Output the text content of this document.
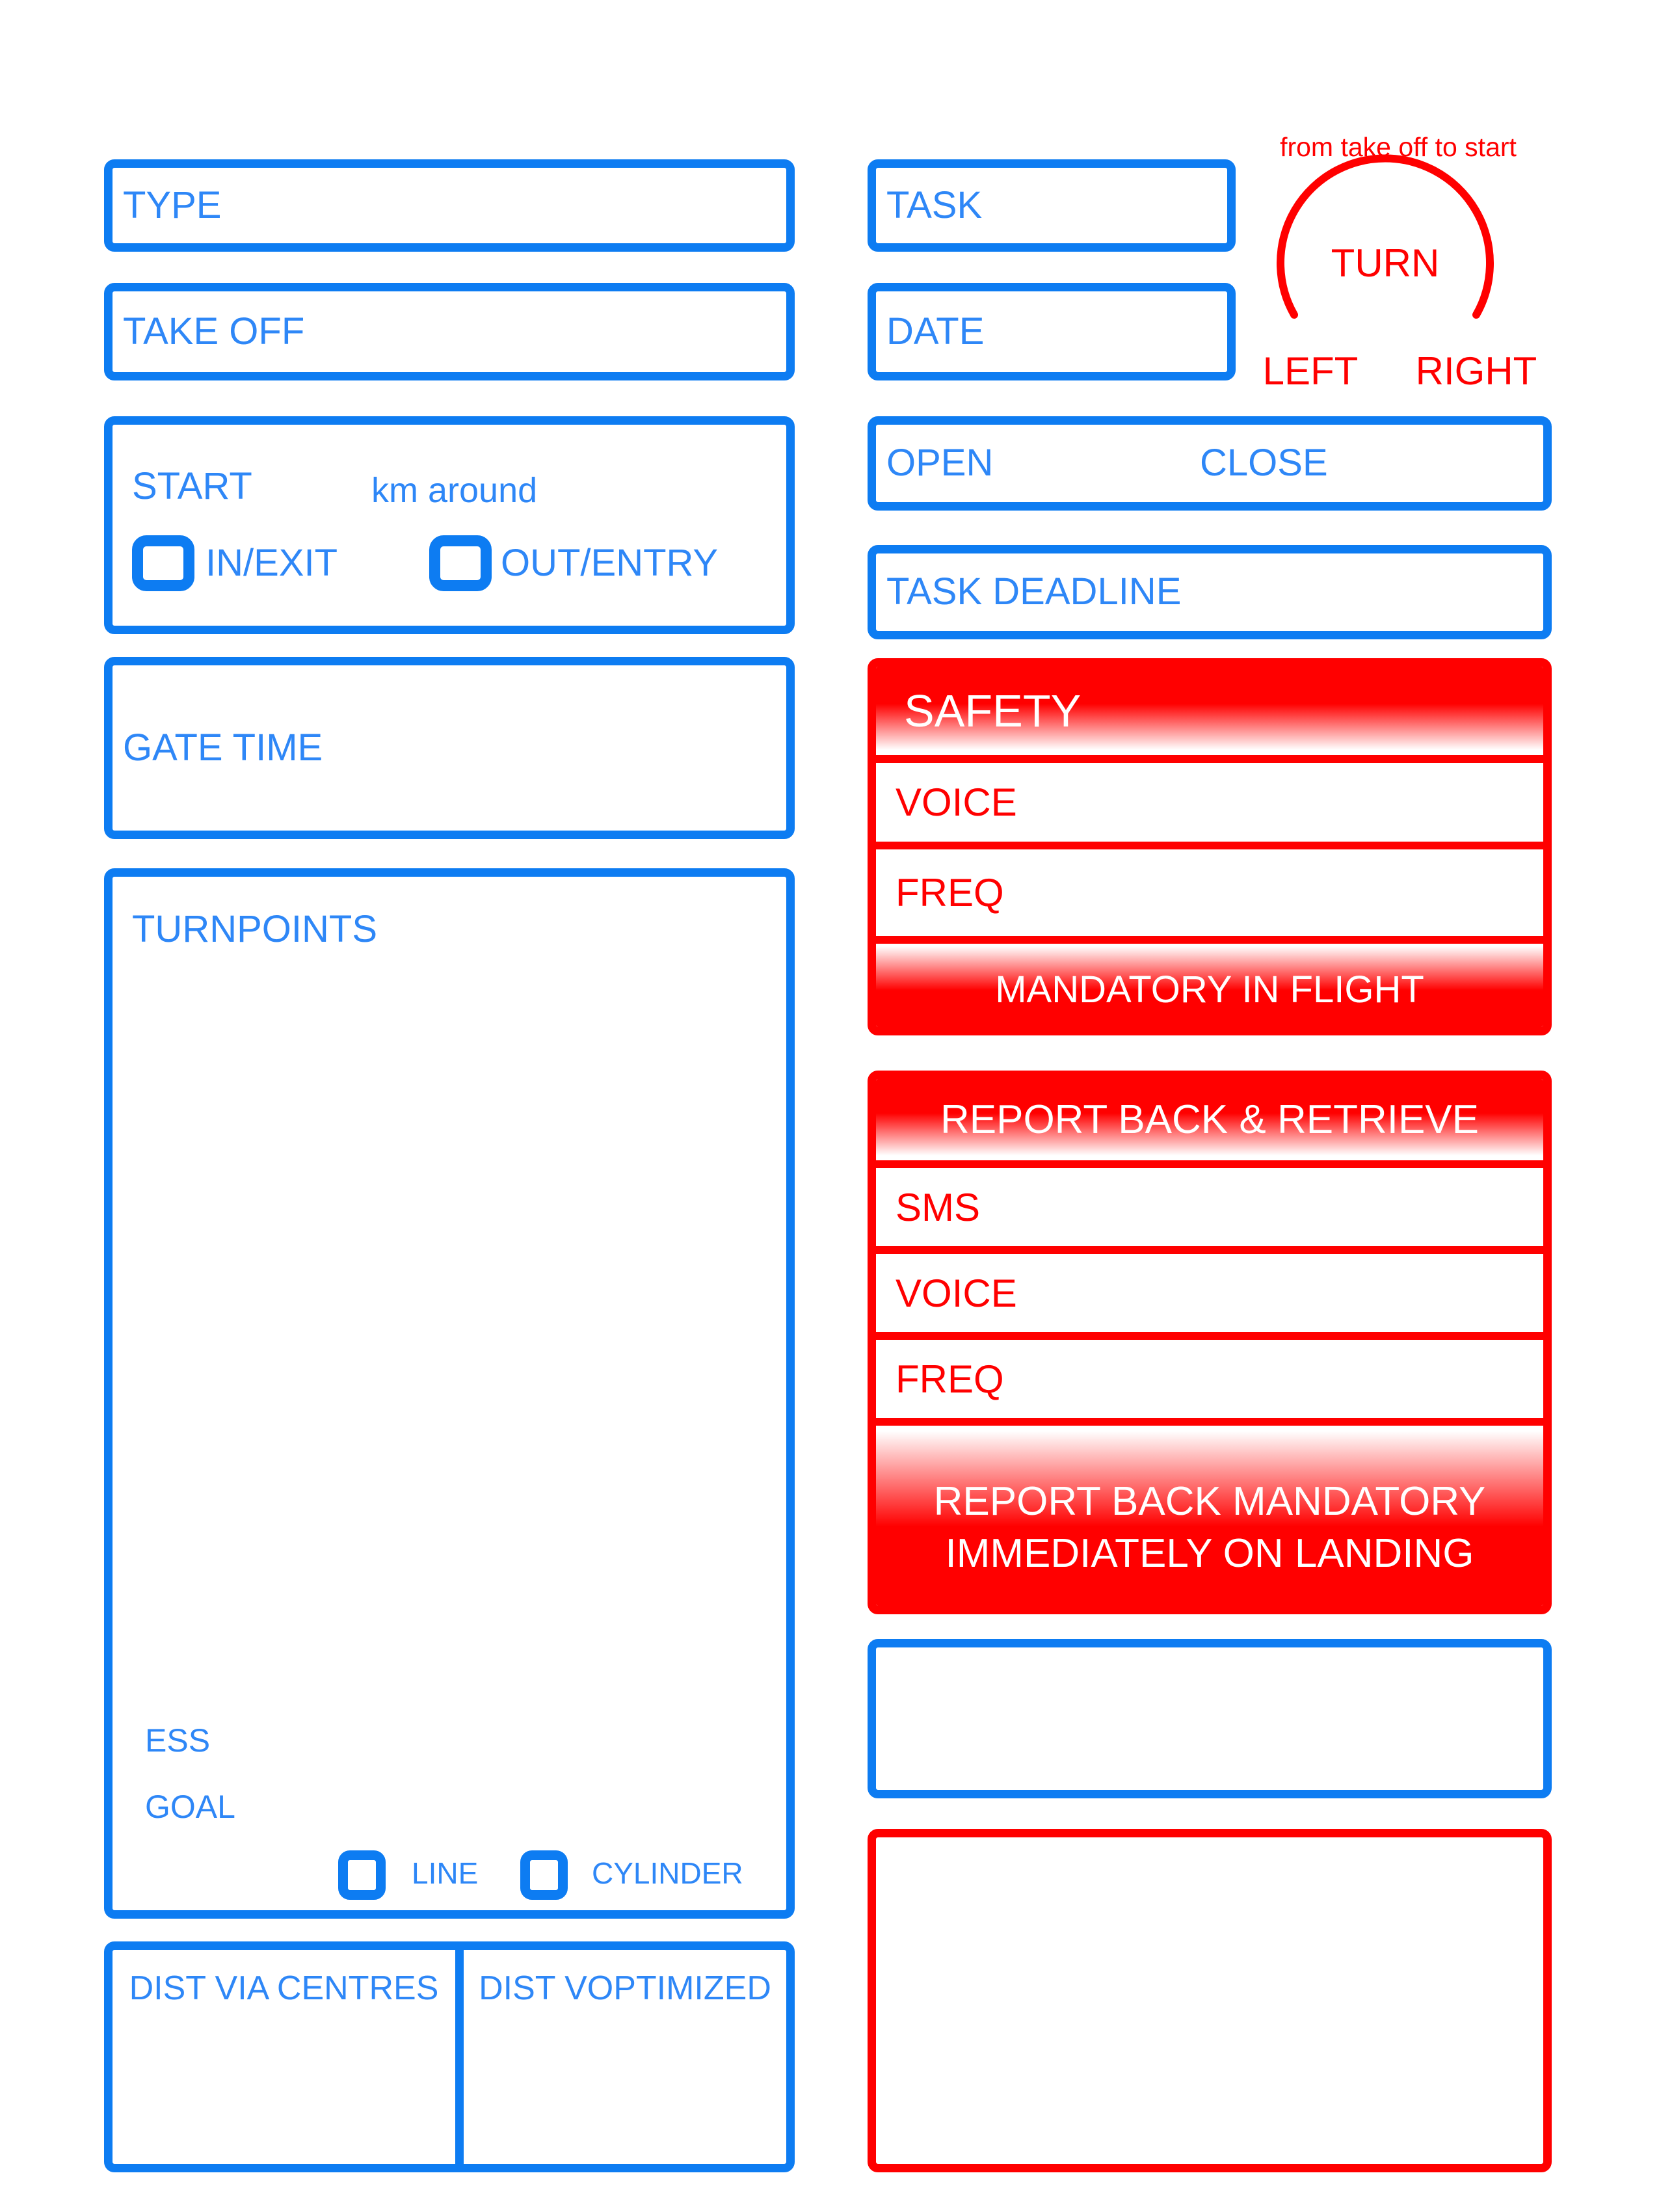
TYPE
TAKE OFF
START	km around
IN/EXIT	OUT/ENTRY
GATE TIME
TURNPOINTS
ESS
GOAL
LINE	CYLINDER
DIST VIA CENTRES	DIST VOPTIMIZED
TASK
DATE
from take off to start
TURN
LEFT	RIGHT
OPEN	CLOSE
TASK DEADLINE
SAFETY
VOICE
FREQ
MANDATORY IN FLIGHT
REPORT BACK & RETRIEVE
SMS
VOICE
FREQ
REPORT BACK MANDATORY
IMMEDIATELY ON LANDING
